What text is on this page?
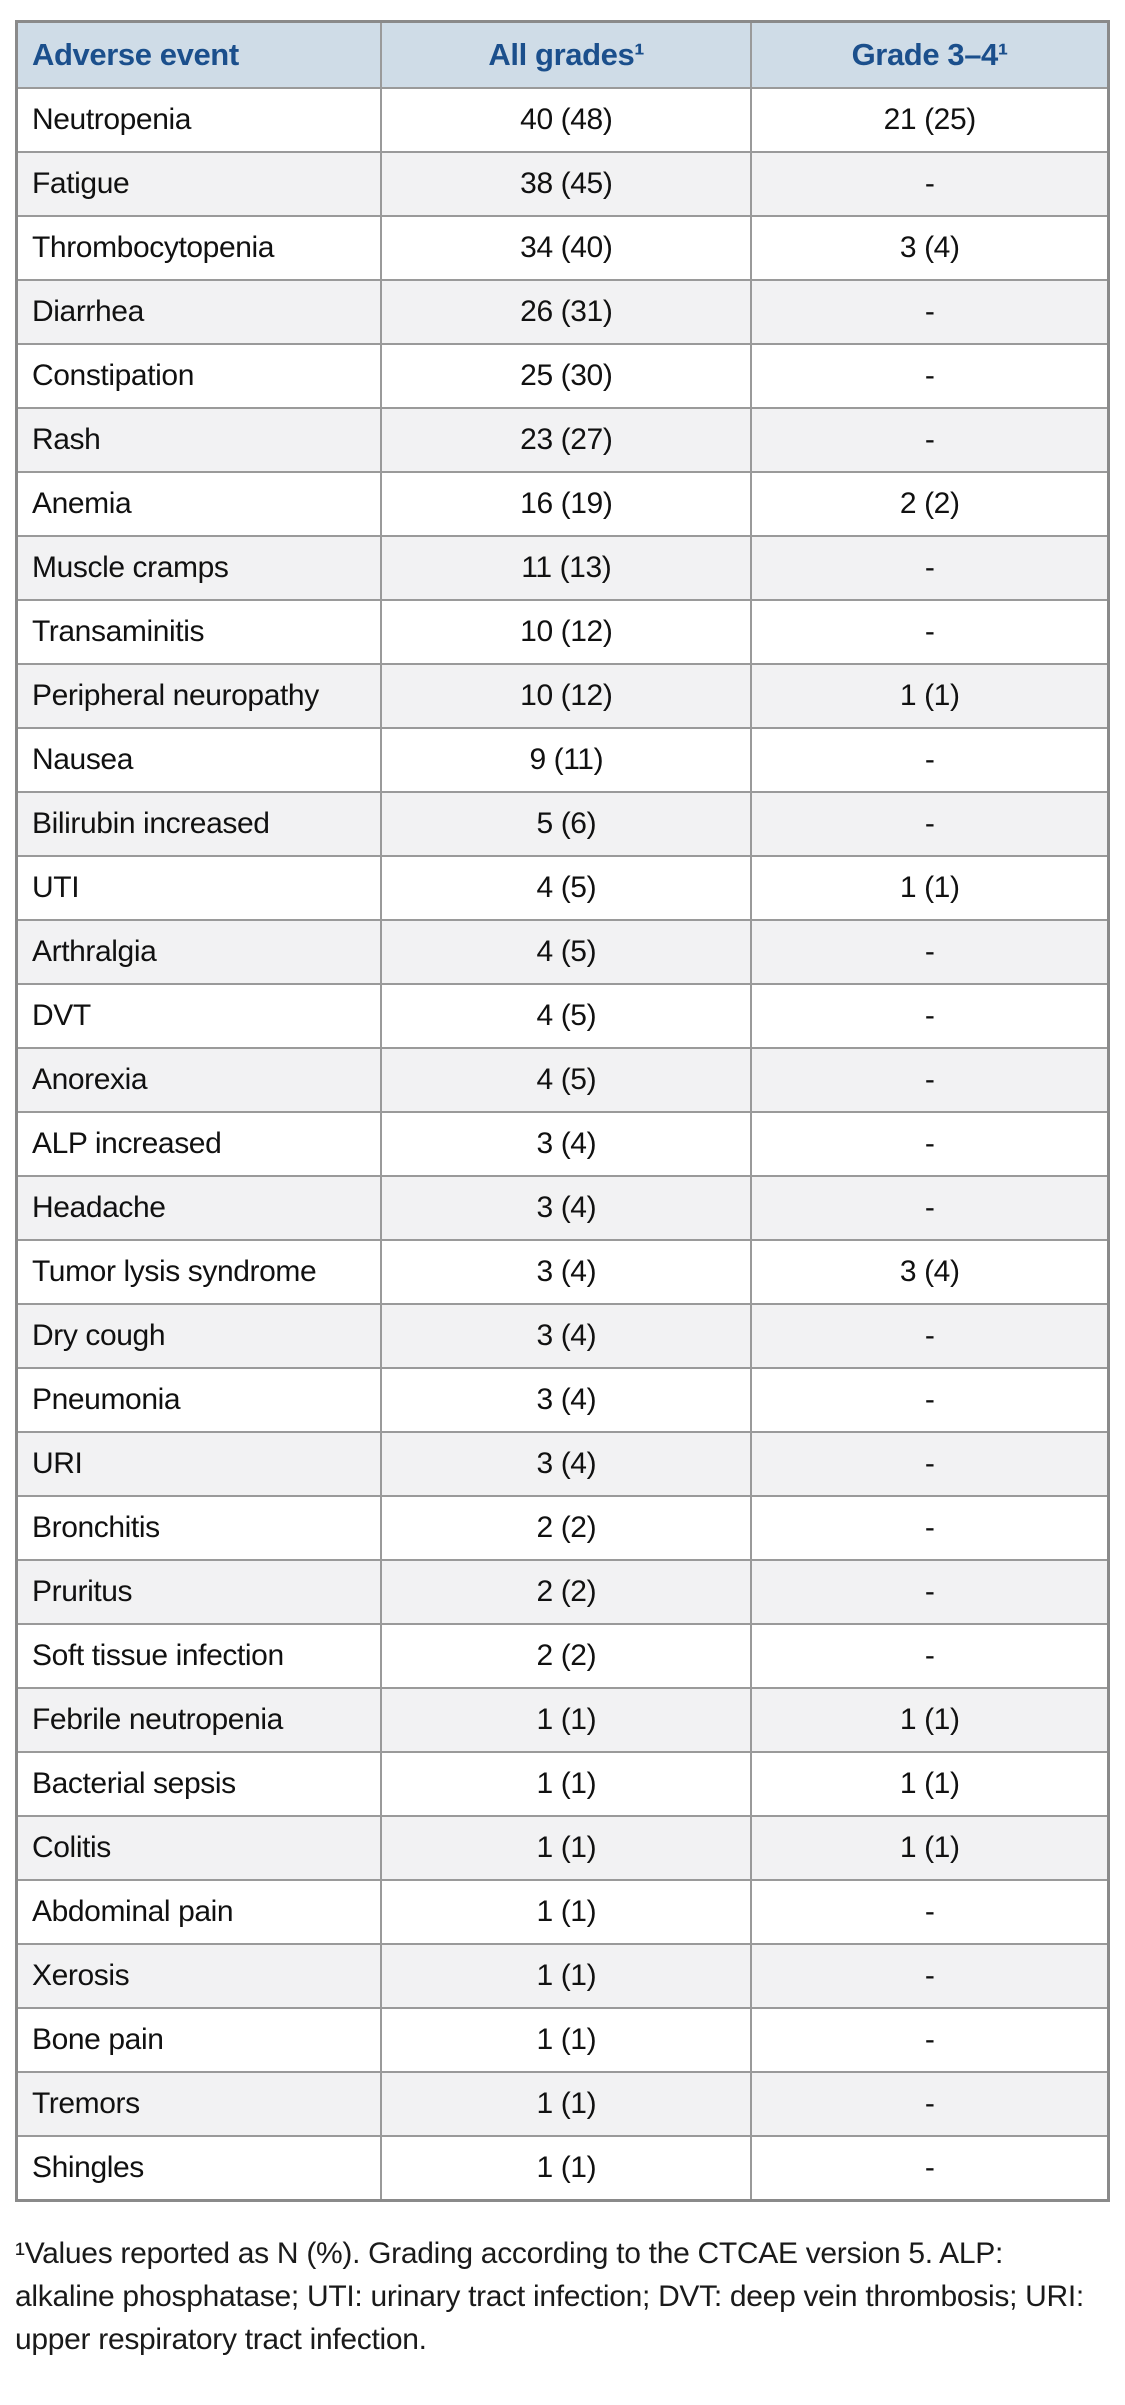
Adverse event	All grades¹	Grade 3–4¹
Neutropenia	40 (48)	21 (25)
Fatigue	38 (45)	-
Thrombocytopenia	34 (40)	3 (4)
Diarrhea	26 (31)	-
Constipation	25 (30)	-
Rash	23 (27)	-
Anemia	16 (19)	2 (2)
Muscle cramps	11 (13)	-
Transaminitis	10 (12)	-
Peripheral neuropathy	10 (12)	1 (1)
Nausea	9 (11)	-
Bilirubin increased	5 (6)	-
UTI	4 (5)	1 (1)
Arthralgia	4 (5)	-
DVT	4 (5)	-
Anorexia	4 (5)	-
ALP increased	3 (4)	-
Headache	3 (4)	-
Tumor lysis syndrome	3 (4)	3 (4)
Dry cough	3 (4)	-
Pneumonia	3 (4)	-
URI	3 (4)	-
Bronchitis	2 (2)	-
Pruritus	2 (2)	-
Soft tissue infection	2 (2)	-
Febrile neutropenia	1 (1)	1 (1)
Bacterial sepsis	1 (1)	1 (1)
Colitis	1 (1)	1 (1)
Abdominal pain	1 (1)	-
Xerosis	1 (1)	-
Bone pain	1 (1)	-
Tremors	1 (1)	-
Shingles	1 (1)	-
¹Values reported as N (%). Grading according to the CTCAE version 5. ALP: alkaline phosphatase; UTI: urinary tract infection; DVT: deep vein thrombosis; URI: upper respiratory tract infection.
